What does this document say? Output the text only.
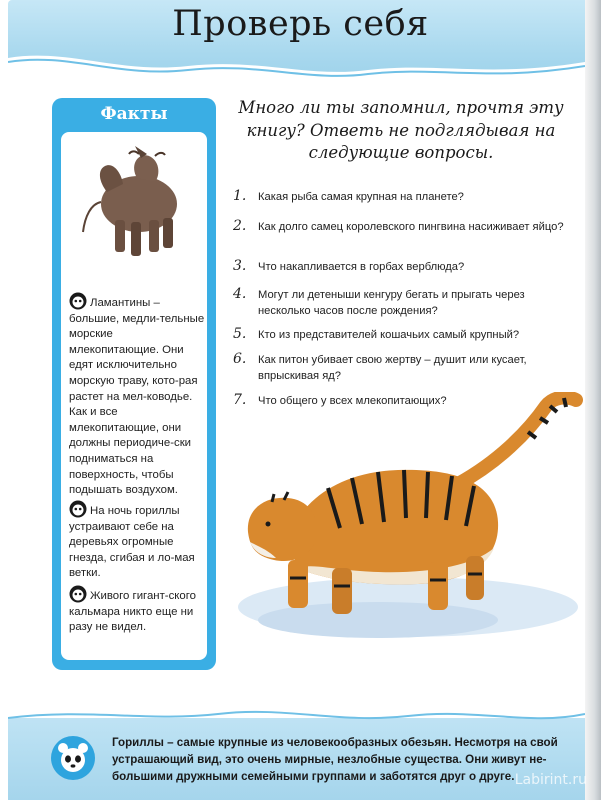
Проверь себя
Факты
Ламантины – большие, медли-тельные морские млекопитающие. Они едят исключительно морскую траву, кото-рая растет на мел-ководье. Как и все млекопитающие, они должны периодиче-ски подниматься на поверхность, чтобы подышать воздухом.
На ночь гориллы устраивают себе на деревьях огромные гнезда, сгибая и ло-мая ветки.
Живого гигант-ского кальмара никто еще ни разу не видел.

Много ли ты запомнил, прочтя эту книгу? Ответь не подглядывая на следующие вопросы.

1. Какая рыба самая крупная на планете?
2. Как долго самец королевского пингвина насиживает яйцо?
3. Что накапливается в горбах верблюда?
4. Могут ли детеныши кенгуру бегать и прыгать через несколько часов после рождения?
5. Кто из представителей кошачьих самый крупный?
6. Как питон убивает свою жертву – душит или кусает, впрыскивая яд?
7. Что общего у всех млекопитающих?

Гориллы – самые крупные из человекообразных обезьян. Несмотря на свой устрашающий вид, это очень мирные, незлобные существа. Они живут не-большими дружными семейными группами и заботятся друг о друге. Labirint.ru
